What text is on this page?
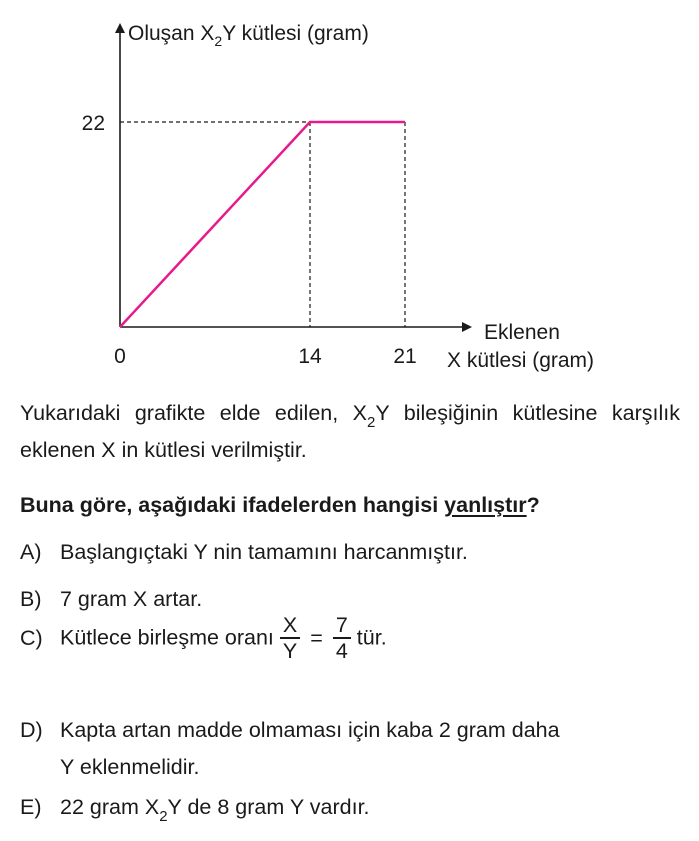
Oluşan $X_2Y$ kütlesi (gram)
Eklenen
X kütlesi (gram)
0	14	21
22
Yukarıdaki grafikte elde edilen, $X_2Y$ bileşiğinin kütlesine karşılık eklenen X in kütlesi verilmiştir.
Buna göre, aşağıdaki ifadelerden hangisi yanlıştır?
A) Başlangıçtaki Y nin tamamını harcanmıştır.
B) 7 gram X artar.
C) Kütlece birleşme oranı $\frac{X}{Y} = \frac{7}{4}$ tür.
D) Kapta artan madde olmaması için kaba 2 gram daha
Y eklenmelidir.
E) 22 gram $X_2Y$ de 8 gram Y vardır.
